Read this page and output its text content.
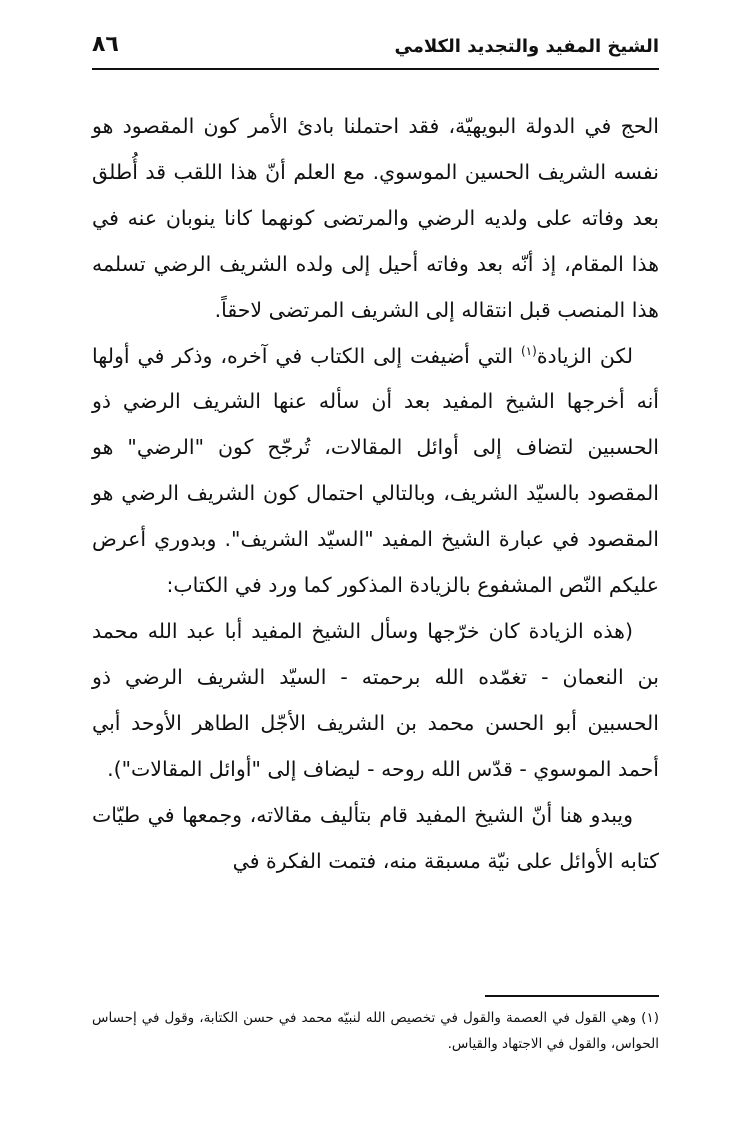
الشيخ المفيد والتجديد الكلامي
٨٦

الحج في الدولة البويهيّة، فقد احتملنا بادئ الأمر كون المقصود هو نفسه الشريف الحسين الموسوي. مع العلم أنّ هذا اللقب قد أُطلق بعد وفاته على ولديه الرضي والمرتضى كونهما كانا ينوبان عنه في هذا المقام، إذ أنّه بعد وفاته أحيل إلى ولده الشريف الرضي تسلمه هذا المنصب قبل انتقاله إلى الشريف المرتضى لاحقاً.

لكن الزيادة$^{(١)}$ التي أضيفت إلى الكتاب في آخره، وذكر في أولها أنه أخرجها الشيخ المفيد بعد أن سأله عنها الشريف الرضي ذو الحسبين لتضاف إلى أوائل المقالات، تُرجّح كون "الرضي" هو المقصود بالسيّد الشريف، وبالتالي احتمال كون الشريف الرضي هو المقصود في عبارة الشيخ المفيد "السيّد الشريف". وبدوري أعرض عليكم النّص المشفوع بالزيادة المذكور كما ورد في الكتاب:

(هذه الزيادة كان خرّجها وسأل الشيخ المفيد أبا عبد الله محمد بن النعمان - تغمّده الله برحمته - السيّد الشريف الرضي ذو الحسبين أبو الحسن محمد بن الشريف الأجّل الطاهر الأوحد أبي أحمد الموسوي - قدّس الله روحه - ليضاف إلى "أوائل المقالات").

ويبدو هنا أنّ الشيخ المفيد قام بتأليف مقالاته، وجمعها في طيّات كتابه الأوائل على نيّة مسبقة منه، فتمت الفكرة في

(١) وهي القول في العصمة والقول في تخصيص الله لنبيّه محمد في حسن الكتابة، وقول في إحساس الحواس، والقول في الاجتهاد والقياس.
